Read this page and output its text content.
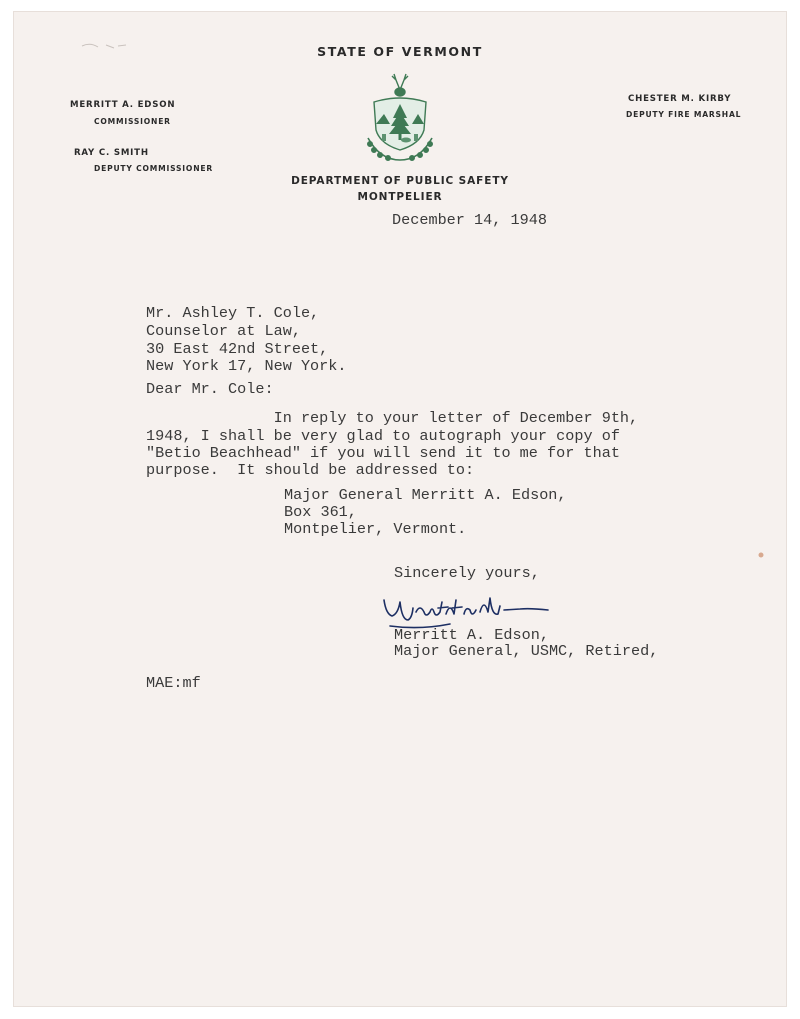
STATE OF VERMONT
MERRITT A. EDSON
COMMISSIONER
RAY C. SMITH
DEPUTY COMMISSIONER
CHESTER M. KIRBY
DEPUTY FIRE MARSHAL
DEPARTMENT OF PUBLIC SAFETY
MONTPELIER
December 14, 1948
Mr. Ashley T. Cole,
Counselor at Law,
30 East 42nd Street,
New York 17, New York.
Dear Mr. Cole:
In reply to your letter of December 9th,
1948, I shall be very glad to autograph your copy of
"Betio Beachhead" if you will send it to me for that
purpose.  It should be addressed to:
Major General Merritt A. Edson,
Box 361,
Montpelier, Vermont.
Sincerely yours,
Merritt A. Edson,
Major General, USMC, Retired,
MAE:mf
